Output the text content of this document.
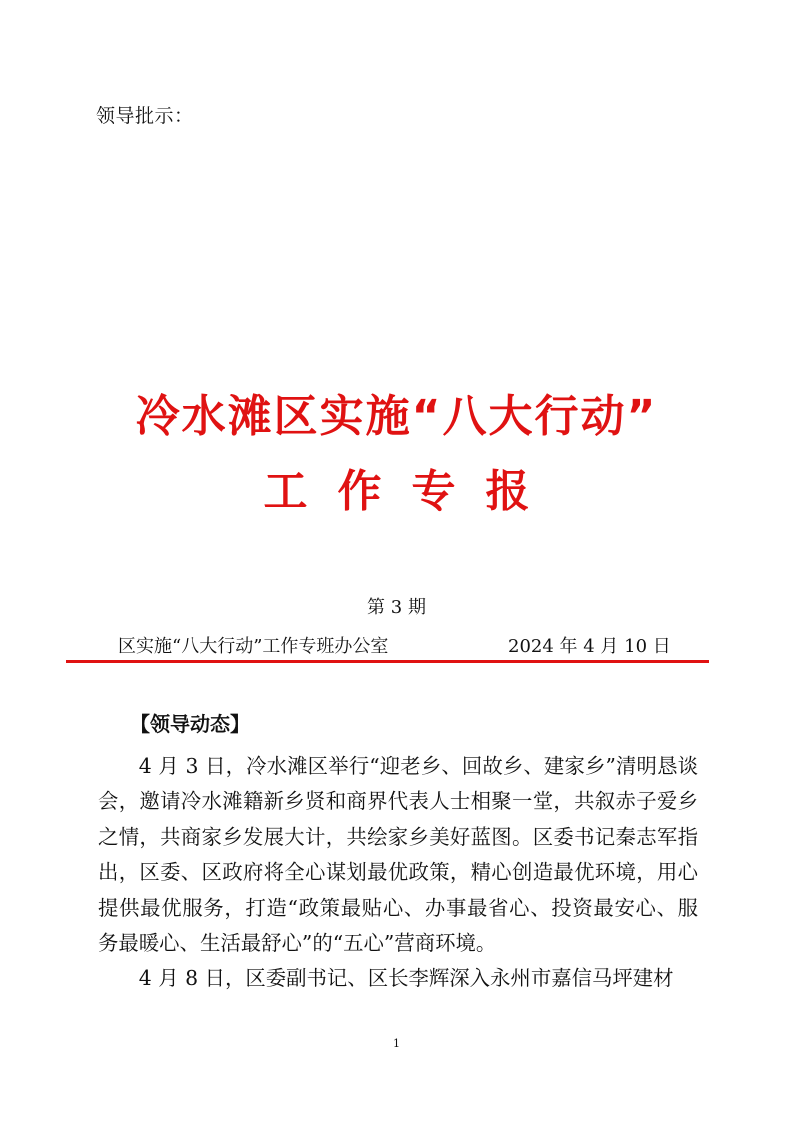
领导批示：
冷水滩区实施“八大行动”
工作专报
第 3 期
区实施“八大行动”工作专班办公室	2024 年 4 月 10 日
【领导动态】

4 月 3 日，冷水滩区举行“迎老乡、回故乡、建家乡”清明恳谈会，邀请冷水滩籍新乡贤和商界代表人士相聚一堂，共叙赤子爱乡之情，共商家乡发展大计，共绘家乡美好蓝图。区委书记秦志军指出，区委、区政府将全心谋划最优政策，精心创造最优环境，用心提供最优服务，打造“政策最贴心、办事最省心、投资最安心、服务最暖心、生活最舒心”的“五心”营商环境。

4 月 8 日，区委副书记、区长李辉深入永州市嘉信马坪建材

1
